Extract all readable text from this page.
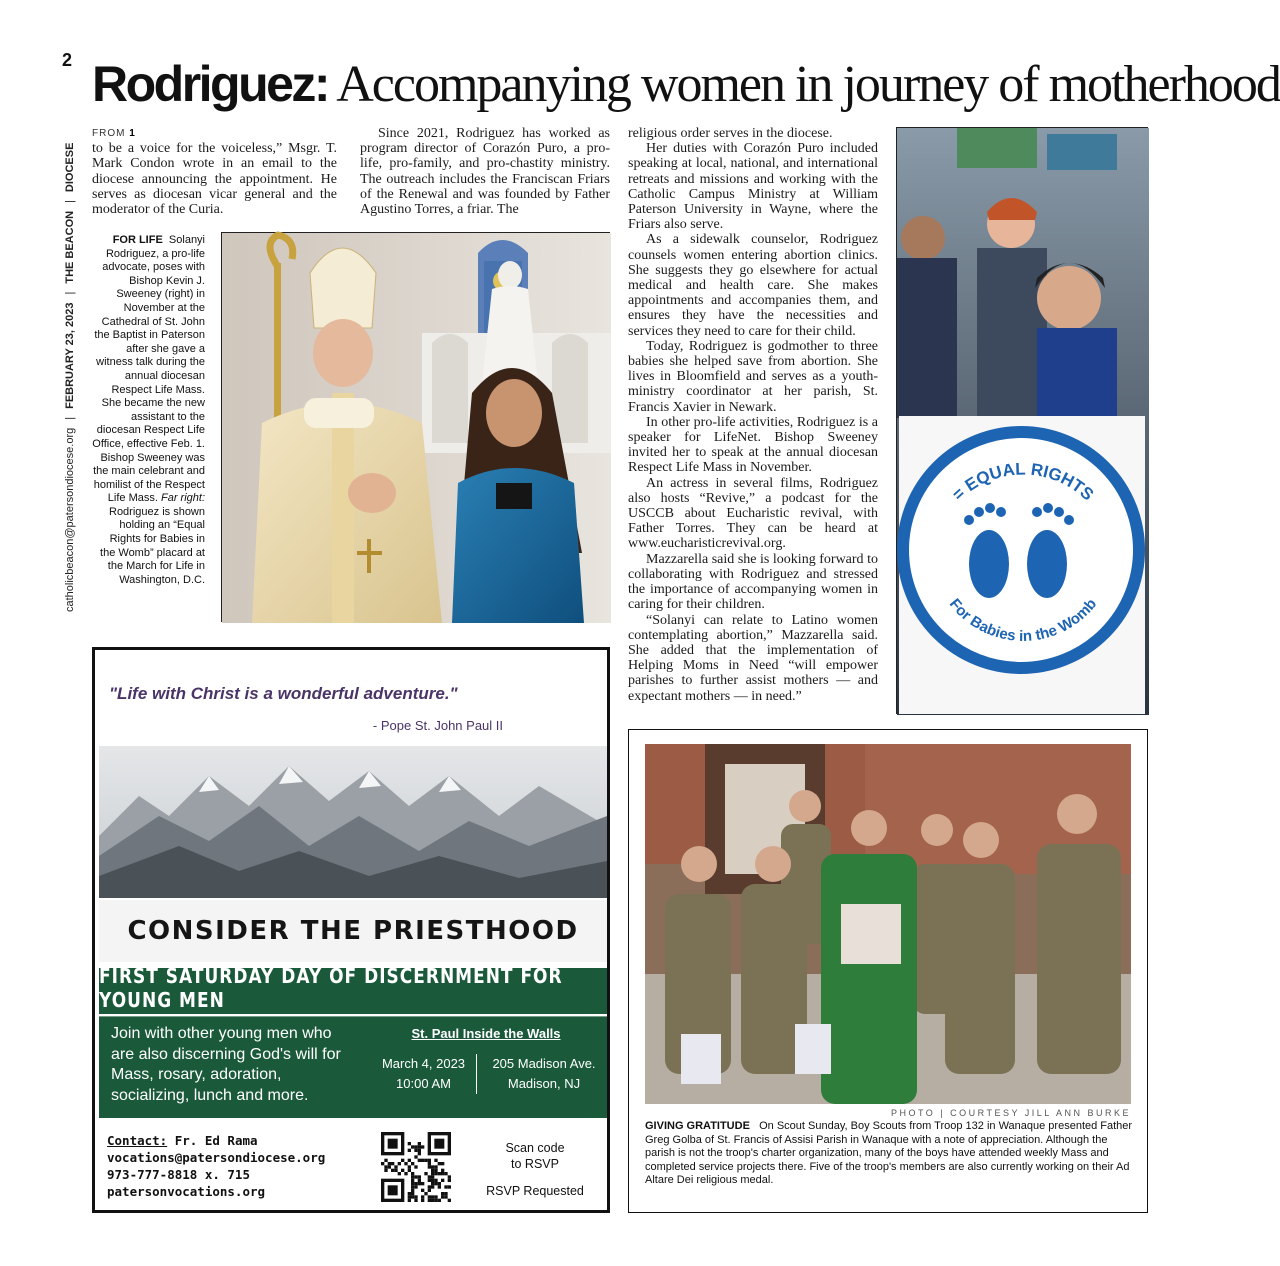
2
catholicbeacon@patersondiocese.org
|
FEBRUARY 23, 2023
|
THE BEACON
|
DIOCESE
Rodriguez: Accompanying women in journey of motherhood
FROM 1

to be a voice for the voiceless,” Msgr. T. Mark Condon wrote in an email to the diocese announcing the appointment. He serves as diocesan vicar general and the moderator of the Curia.

Since 2021, Rodriguez has worked as program director of Corazón Puro, a pro-life, pro-family, and pro-chastity ministry. The outreach includes the Franciscan Friars of the Renewal and was founded by Father Agustino Torres, a friar. The

religious order serves in the diocese.

Her duties with Corazón Puro included speaking at local, national, and international retreats and missions and working with the Catholic Campus Ministry at William Paterson University in Wayne, where the Friars also serve.

As a sidewalk counselor, Rodriguez counsels women entering abortion clinics. She suggests they go elsewhere for actual medical and health care. She makes appointments and accompanies them, and ensures they have the necessities and services they need to care for their child.

Today, Rodriguez is godmother to three babies she helped save from abortion. She lives in Bloomfield and serves as a youth-ministry coordinator at her parish, St. Francis Xavier in Newark.

In other pro-life activities, Rodriguez is a speaker for LifeNet. Bishop Sweeney invited her to speak at the annual diocesan Respect Life Mass in November.

An actress in several films, Rodriguez also hosts “Revive,” a podcast for the USCCB about Eucharistic revival, with Father Torres. They can be heard at www.eucharisticrevival.org.

Mazzarella said she is looking forward to collaborating with Rodriguez and stressed the importance of accompanying women in caring for their children.

“Solanyi can relate to Latino women contemplating abortion,” Mazzarella said. She added that the implementation of Helping Moms in Need “will empower parishes to further assist mothers — and expectant mothers — in need.”

FOR LIFE Solanyi Rodriguez, a pro-life advocate, poses with Bishop Kevin J. Sweeney (right) in November at the Cathedral of St. John the Baptist in Paterson after she gave a witness talk during the annual diocesan Respect Life Mass. She became the new assistant to the diocesan Respect Life Office, effective Feb. 1. Bishop Sweeney was the main celebrant and homilist of the Respect Life Mass. Far right: Rodriguez is shown holding an “Equal Rights for Babies in the Womb” placard at the March for Life in Washington, D.C.
= EQUAL RIGHTS
For Babies in the Womb
"Life with Christ is a wonderful adventure."
- Pope St. John Paul II
CONSIDER THE PRIESTHOOD
FIRST SATURDAY DAY OF DISCERNMENT FOR YOUNG MEN
Join with other young men who are also discerning God's will for Mass, rosary, adoration, socializing, lunch and more.
St. Paul Inside the Walls
March 4, 2023
10:00 AM
205 Madison Ave.
Madison, NJ
Contact: Fr. Ed Rama
vocations@patersondiocese.org
973-777-8818 x. 715
patersonvocations.org
Scan code
to RSVP
RSVP Requested
PHOTO | COURTESY JILL ANN BURKE
GIVING GRATITUDE On Scout Sunday, Boy Scouts from Troop 132 in Wanaque presented Father Greg Golba of St. Francis of Assisi Parish in Wanaque with a note of appreciation. Although the parish is not the troop's charter organization, many of the boys have attended weekly Mass and completed service projects there. Five of the troop's members are also currently working on their Ad Altare Dei religious medal.
